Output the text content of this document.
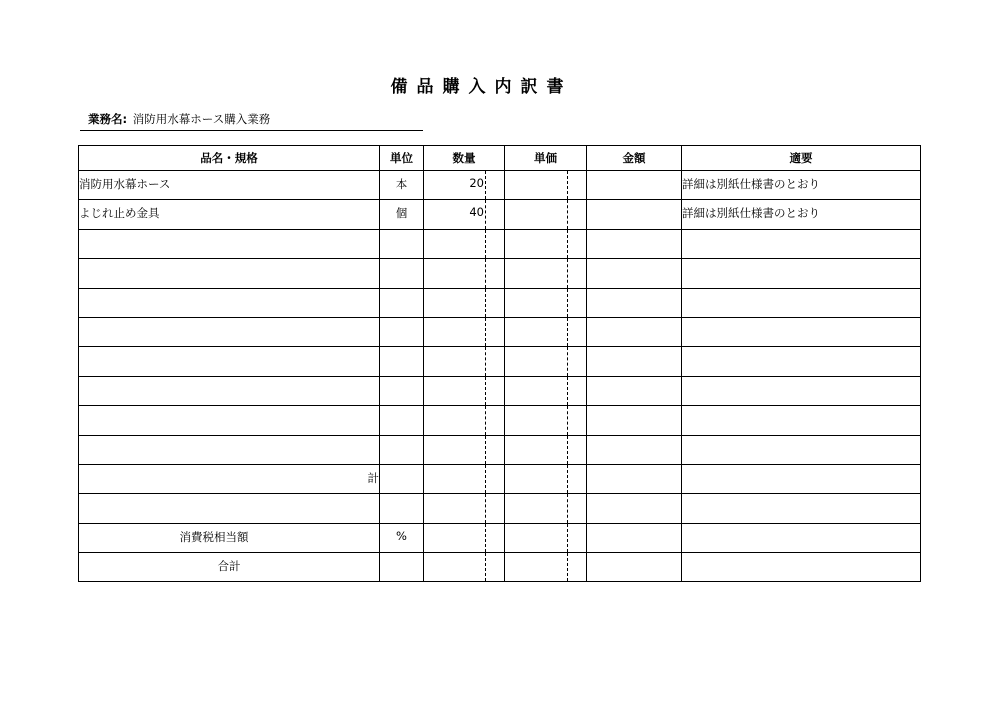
備品購入内訳書
業務名: 消防用水幕ホース購入業務
品名・規格	単位	数量	単価	金額	適要
消防用水幕ホース	本	20			詳細は別紙仕様書のとおり
よじれ止め金具	個	40			詳細は別紙仕様書のとおり

計					

消費税相当額	%				
合計					
